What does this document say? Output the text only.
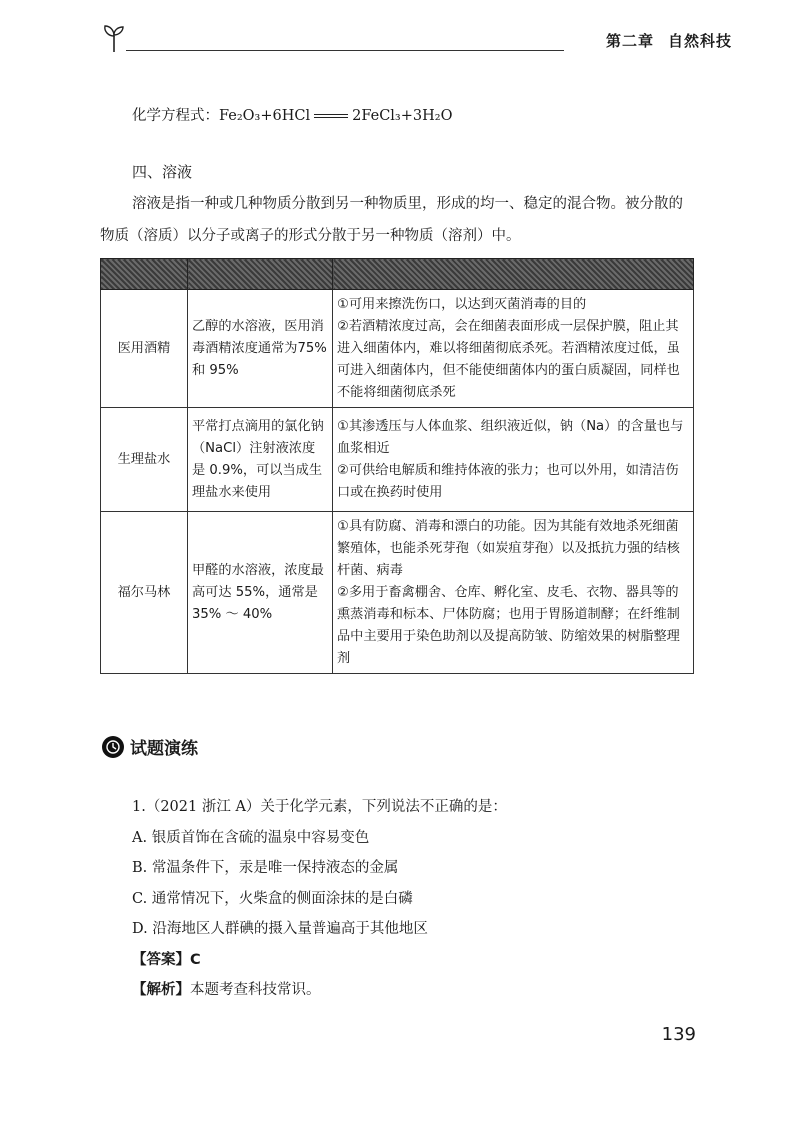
第二章 自然科技
化学方程式：Fe₂O₃+6HCl	2FeCl₃+3H₂O
四、溶液
溶液是指一种或几种物质分散到另一种物质里，形成的均一、稳定的混合物。被分散的物质（溶质）以分子或离子的形式分散于另一种物质（溶剂）中。

医用酒精	乙醇的水溶液，医用消毒酒精浓度通常为75% 和 95%	①可用来擦洗伤口，以达到灭菌消毒的目的
②若酒精浓度过高，会在细菌表面形成一层保护膜，阻止其进入细菌体内，难以将细菌彻底杀死。若酒精浓度过低，虽可进入细菌体内，但不能使细菌体内的蛋白质凝固，同样也不能将细菌彻底杀死

生理盐水	平常打点滴用的氯化钠（NaCl）注射液浓度是 0.9%，可以当成生理盐水来使用	①其渗透压与人体血浆、组织液近似，钠（Na）的含量也与血浆相近
②可供给电解质和维持体液的张力；也可以外用，如清洁伤口或在换药时使用

福尔马林	甲醛的水溶液，浓度最高可达 55%，通常是 35% ～ 40%	①具有防腐、消毒和漂白的功能。因为其能有效地杀死细菌繁殖体，也能杀死芽孢（如炭疽芽孢）以及抵抗力强的结核杆菌、病毒
②多用于畜禽棚舍、仓库、孵化室、皮毛、衣物、器具等的熏蒸消毒和标本、尸体防腐；也用于胃肠道制酵；在纤维制品中主要用于染色助剂以及提高防皱、防缩效果的树脂整理剂
试题演练
1.（2021 浙江 A）关于化学元素，下列说法不正确的是：
A. 银质首饰在含硫的温泉中容易变色
B. 常温条件下，汞是唯一保持液态的金属
C. 通常情况下，火柴盒的侧面涂抹的是白磷
D. 沿海地区人群碘的摄入量普遍高于其他地区
【答案】C
【解析】本题考查科技常识。
139
